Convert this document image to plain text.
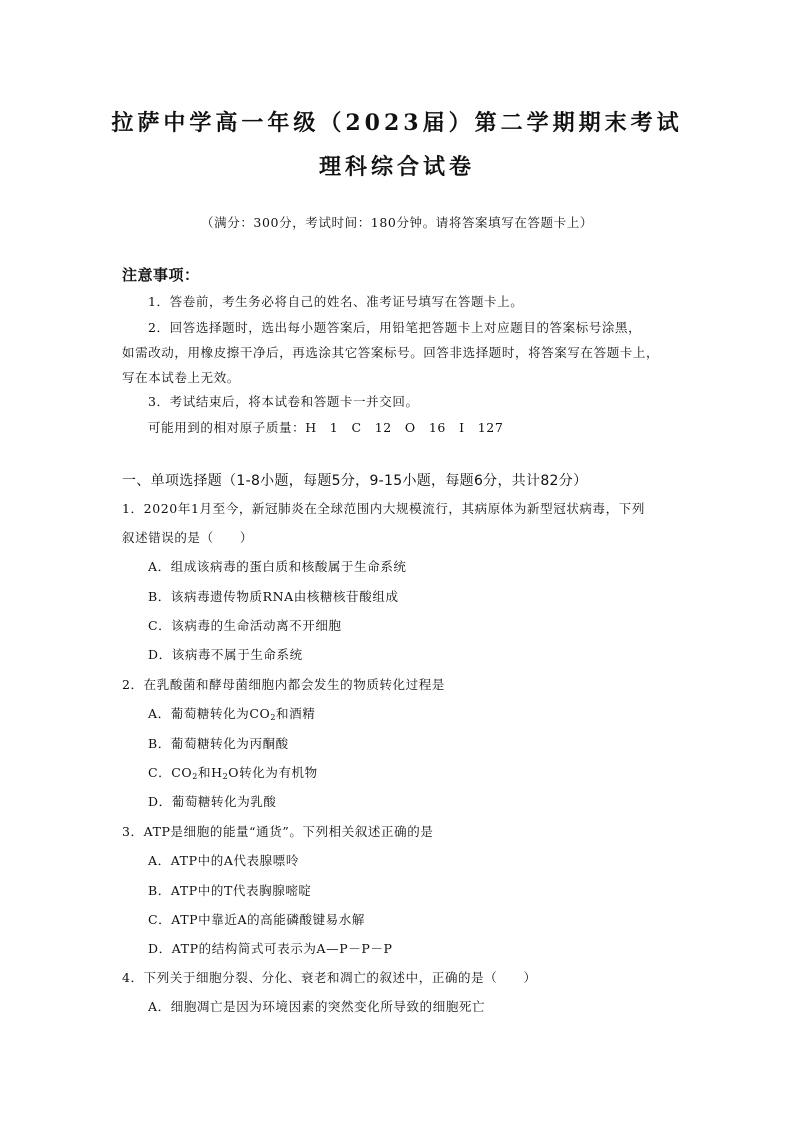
拉萨中学高一年级（2023届）第二学期期末考试
理科综合试卷
（满分：300分，考试时间：180分钟。请将答案填写在答题卡上）
注意事项：
1．答卷前，考生务必将自己的姓名、准考证号填写在答题卡上。
2．回答选择题时，选出每小题答案后，用铅笔把答题卡上对应题目的答案标号涂黑，
如需改动，用橡皮擦干净后，再选涂其它答案标号。回答非选择题时，将答案写在答题卡上，
写在本试卷上无效。
3．考试结束后，将本试卷和答题卡一并交回。
可能用到的相对原子质量：H　1　C　12　O　16　I　127
一、单项选择题（1-8小题，每题5分，9-15小题，每题6分，共计82分）
1．2020年1月至今，新冠肺炎在全球范围内大规模流行，其病原体为新型冠状病毒，下列
叙述错误的是（　　）
A．组成该病毒的蛋白质和核酸属于生命系统
B．该病毒遗传物质RNA由核糖核苷酸组成
C．该病毒的生命活动离不开细胞
D．该病毒不属于生命系统
2．在乳酸菌和酵母菌细胞内都会发生的物质转化过程是
A．葡萄糖转化为$CO_2$和酒精
B．葡萄糖转化为丙酮酸
C．$CO_2$和$H_2O$转化为有机物
D．葡萄糖转化为乳酸
3．ATP是细胞的能量“通货”。下列相关叙述正确的是
A．ATP中的A代表腺嘌呤
B．ATP中的T代表胸腺嘧啶
C．ATP中靠近A的高能磷酸键易水解
D．ATP的结构简式可表示为A—P－P－P
4．下列关于细胞分裂、分化、衰老和凋亡的叙述中，正确的是（　　）
A．细胞凋亡是因为环境因素的突然变化所导致的细胞死亡
